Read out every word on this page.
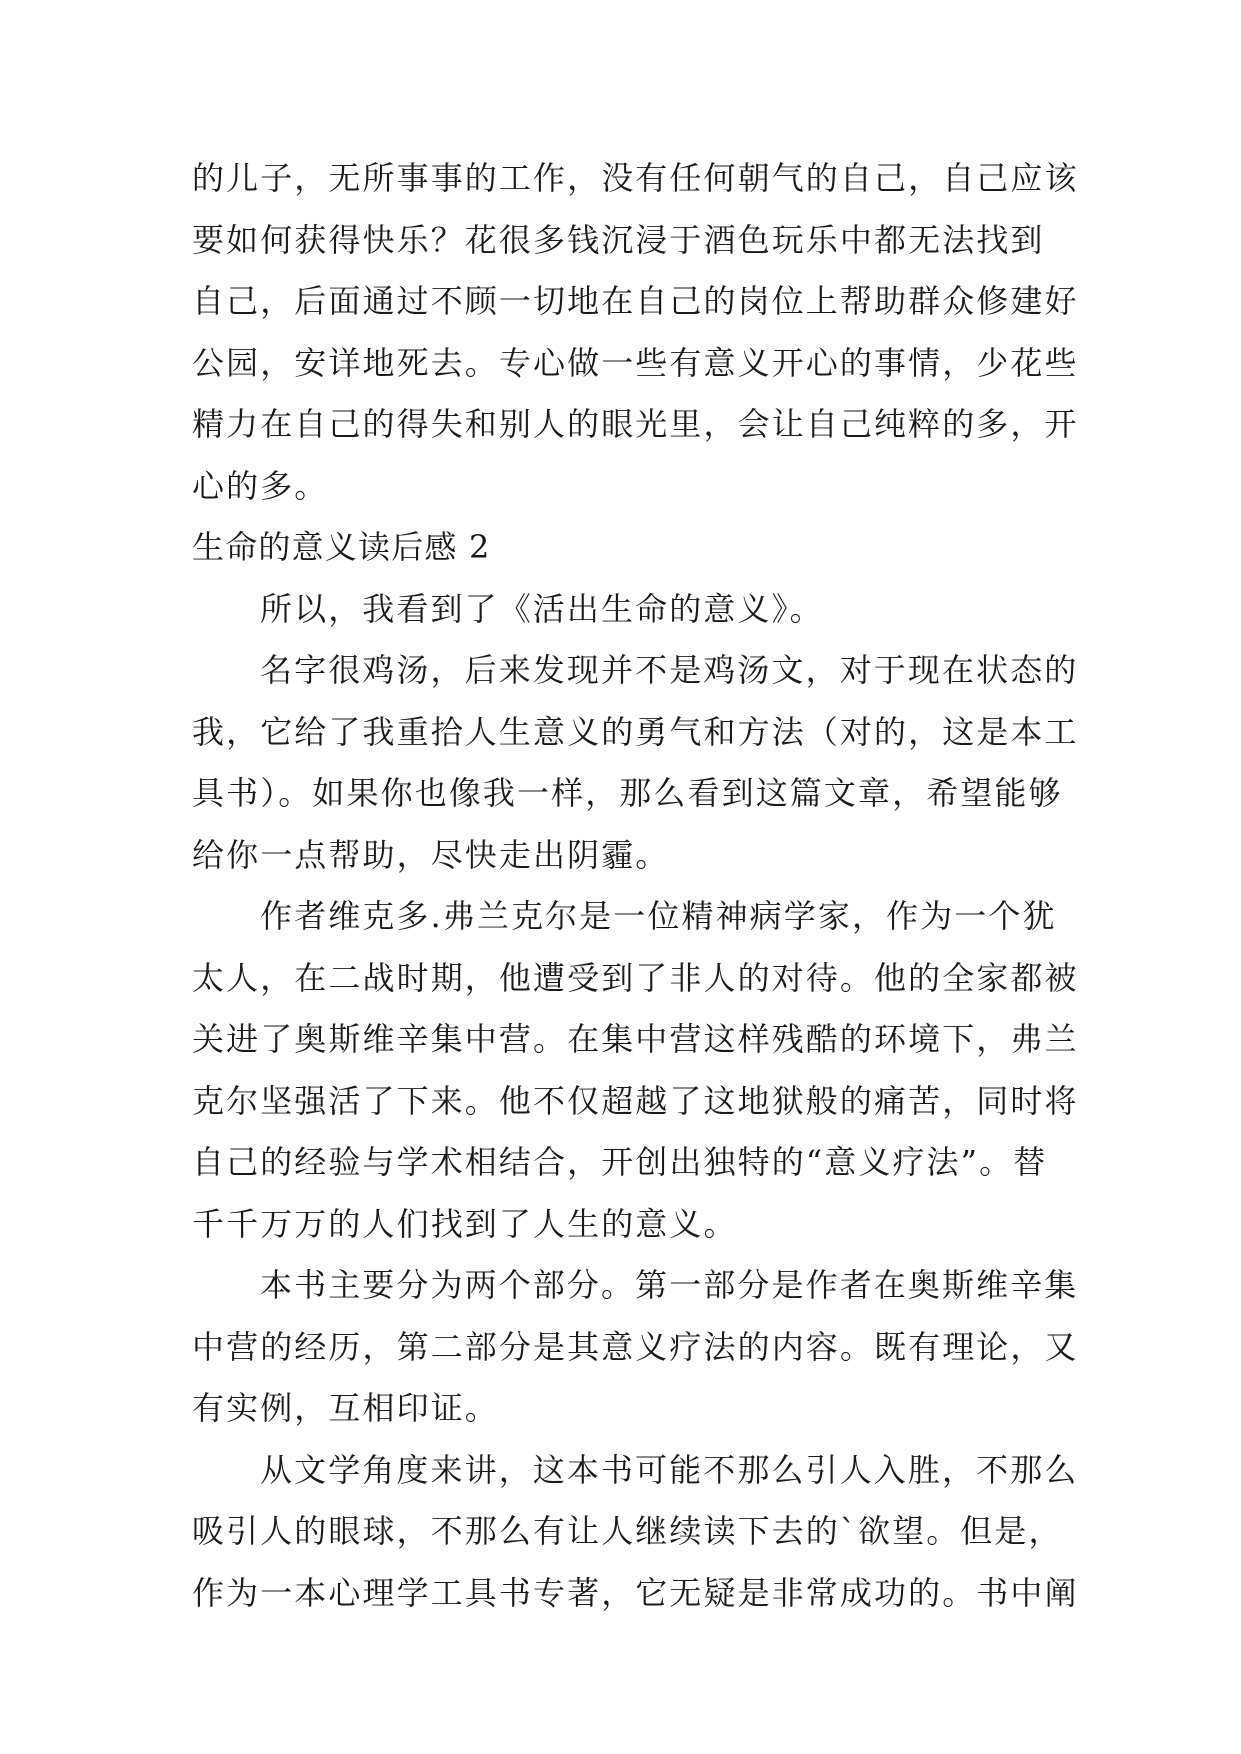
的儿子，无所事事的工作，没有任何朝气的自己，自己应该
要如何获得快乐？花很多钱沉浸于酒色玩乐中都无法找到
自己，后面通过不顾一切地在自己的岗位上帮助群众修建好
公园，安详地死去。专心做一些有意义开心的事情，少花些
精力在自己的得失和别人的眼光里，会让自己纯粹的多，开
心的多。
生命的意义读后感 2
所以，我看到了《活出生命的意义》。
名字很鸡汤，后来发现并不是鸡汤文，对于现在状态的
我，它给了我重拾人生意义的勇气和方法（对的，这是本工
具书）。如果你也像我一样，那么看到这篇文章，希望能够
给你一点帮助，尽快走出阴霾。
作者维克多.弗兰克尔是一位精神病学家，作为一个犹
太人，在二战时期，他遭受到了非人的对待。他的全家都被
关进了奥斯维辛集中营。在集中营这样残酷的环境下，弗兰
克尔坚强活了下来。他不仅超越了这地狱般的痛苦，同时将
自己的经验与学术相结合，开创出独特的“意义疗法”。替
千千万万的人们找到了人生的意义。
本书主要分为两个部分。第一部分是作者在奥斯维辛集
中营的经历，第二部分是其意义疗法的内容。既有理论，又
有实例，互相印证。
从文学角度来讲，这本书可能不那么引人入胜，不那么
吸引人的眼球，不那么有让人继续读下去的`欲望。但是，
作为一本心理学工具书专著，它无疑是非常成功的。书中阐
